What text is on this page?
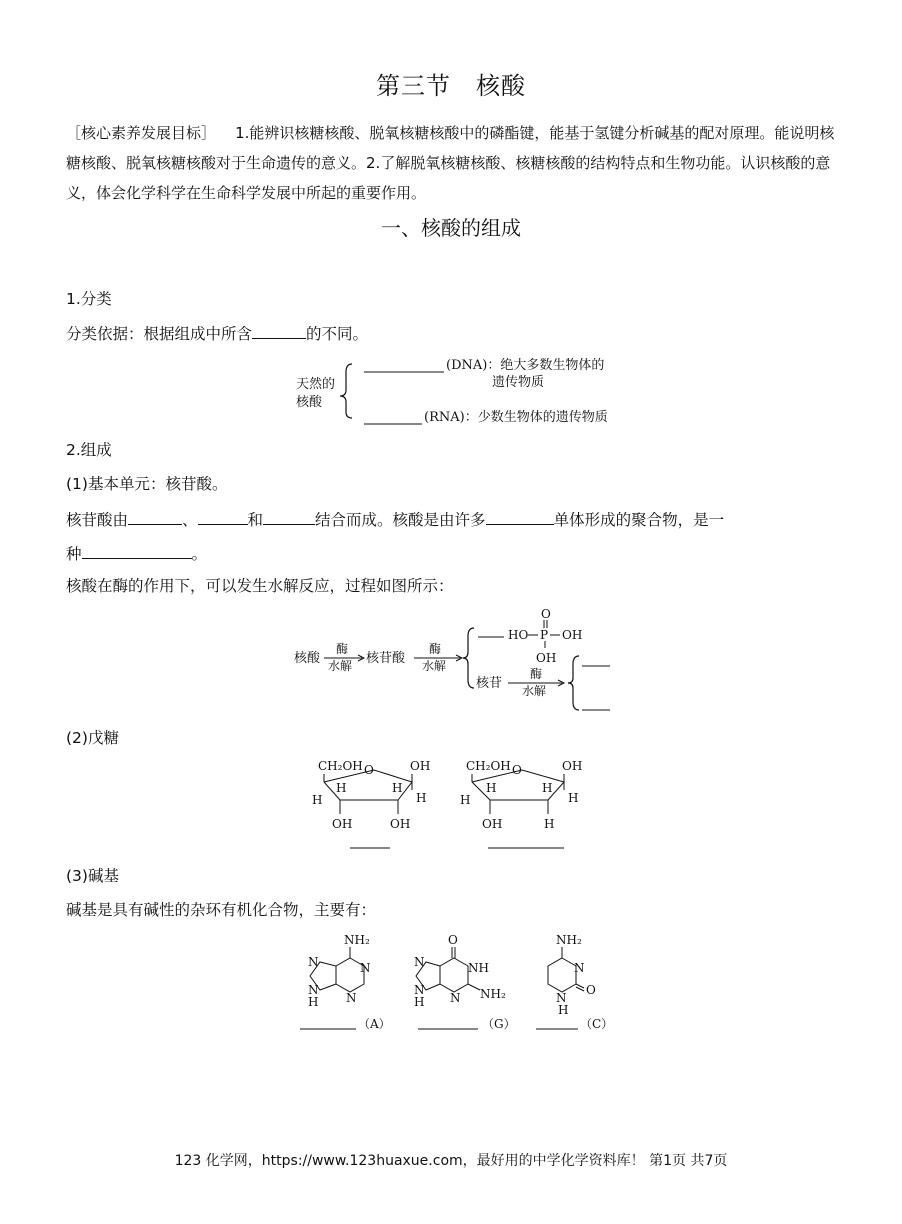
第三节　核酸
［核心素养发展目标］ 1.能辨识核糖核酸、脱氧核糖核酸中的磷酯键，能基于氢键分析碱基的配对原理。能说明核糖核酸、脱氧核糖核酸对于生命遗传的意义。2.了解脱氧核糖核酸、核糖核酸的结构特点和生物功能。认识核酸的意义，体会化学科学在生命科学发展中所起的重要作用。
一、核酸的组成
1.分类
分类依据：根据组成中所含	的不同。
天然的
核酸
(DNA)：绝大多数生物体的
遗传物质
(RNA)：少数生物体的遗传物质
2.组成
(1)基本单元：核苷酸。
核苷酸由	、	和	结合而成。核酸是由许多	单体形成的聚合物，是一
种	。
核酸在酶的作用下，可以发生水解反应，过程如图所示：
核酸
酶
水解 核苷酸
酶
水解
HO P OH
O
OH
核苷
酶
水解
(2)戊糖
CH₂OH O	OH
H
H	H
H
OH	OH
CH₂OH O	OH
H
H	H
H
OH	H
(3)碱基
碱基是具有碱性的杂环有机化合物，主要有：
NH₂
N
N
N
N
H
（A）
O
NH
N
N
N
H
NH₂
（G）
NH₂
N
N
H
O
（C）
123 化学网，https://www.123huaxue.com，最好用的中学化学资料库！ 第1页 共7页
